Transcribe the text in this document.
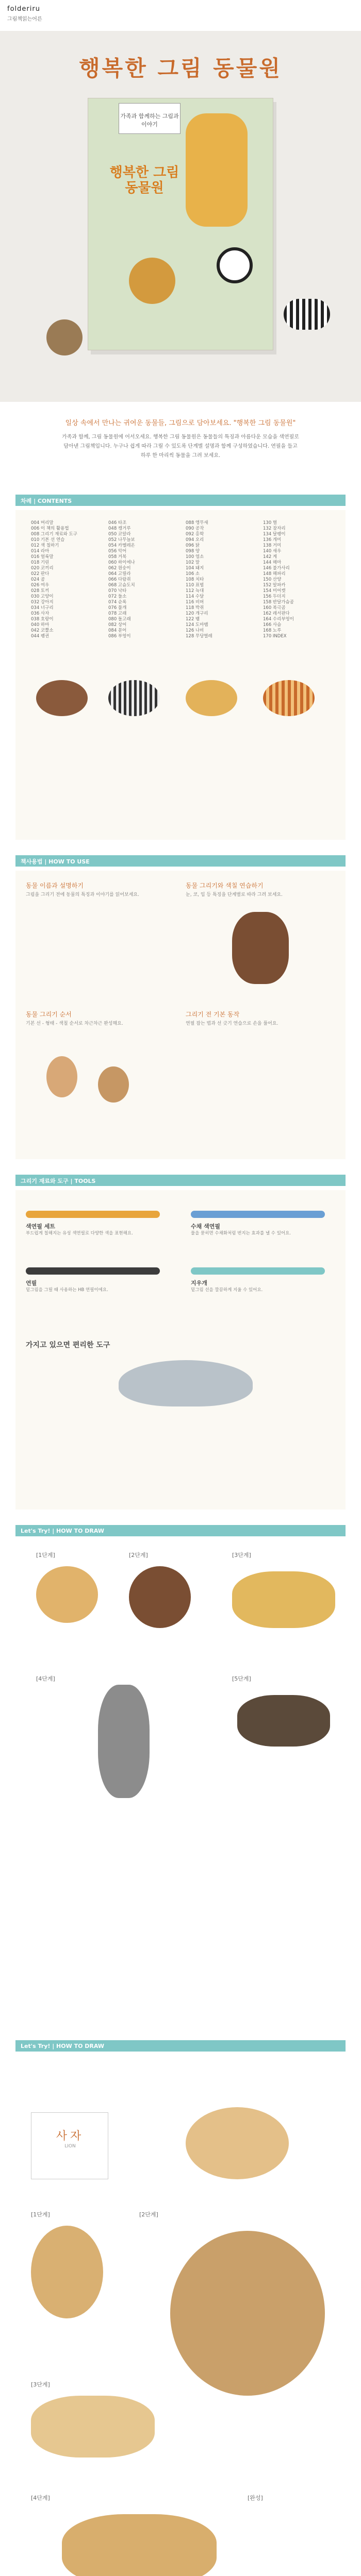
folderiru
그림책읽는어른
행복한 그림 동물원
가족과 함께하는 그림과 이야기
행복한 그림 동물원
일상 속에서 만나는 귀여운 동물들, 그림으로 담아보세요. "행복한 그림 동물원"
가족과 함께, 그림 동물원에 어서오세요. 행복한 그림 동물원은 동물들의 특징과 아름다운 모습을 색연필로 담아낸 그림책입니다. 누구나 쉽게 따라 그릴 수 있도록 단계별 설명과 함께 구성하였습니다. 연필을 들고 하루 한 마리씩 동물을 그려 보세요.
차례 | CONTENTS
004 머리말
006 이 책의 활용법
008 그리기 재료와 도구
010 기본 선 연습
012 색 칠하기
014 라마
016 얼룩말
018 기린
020 코끼리
022 판다
024 곰
026 여우
028 토끼
030 고양이
032 강아지
034 너구리
036 사자
038 호랑이
040 하마
042 코뿔소
044 펭귄
046 타조
048 캥거루
050 코알라
052 나무늘보
054 카멜레온
056 악어
058 거북
060 하이에나
062 원숭이
064 고릴라
066 다람쥐
068 고슴도치
070 낙타
072 들소
074 순록
076 물개
078 고래
080 돌고래
082 상어
084 문어
086 부엉이
088 앵무새
090 공작
092 홍학
094 오리
096 닭
098 양
100 염소
102 말
104 돼지
106 소
108 치타
110 표범
112 늑대
114 수달
116 비버
118 박쥐
120 개구리
122 뱀
124 도마뱀
126 나비
128 무당벌레
130 벌
132 잠자리
134 달팽이
136 개미
138 거미
140 새우
142 게
144 해마
146 불가사리
148 해파리
150 산양
152 알파카
154 미어캣
156 두더지
158 반달가슴곰
160 북극곰
162 레서판다
164 수리부엉이
166 사슴
168 노루
170 INDEX
책사용법 | HOW TO USE
동물 이름과 설명하기
그림을 그리기 전에 동물의 특징과 이야기를 읽어보세요.
동물 그리기와 색칠 연습하기
눈, 코, 입 등 특징을 단계별로 따라 그려 보세요.
동물 그리기 순서
기본 선 - 형태 - 색칠 순서로 차근차근 완성해요.
그리기 전 기본 동작
연필 잡는 법과 선 긋기 연습으로 손을 풀어요.
그리기 재료와 도구 | TOOLS
색연필 세트
부드럽게 칠해지는 유성 색연필로 다양한 색을 표현해요.
수채 색연필
물을 묻히면 수채화처럼 번지는 효과를 낼 수 있어요.
연필
밑그림을 그릴 때 사용하는 HB 연필이에요.
지우개
밑그림 선을 깔끔하게 지울 수 있어요.
가지고 있으면 편리한 도구
Let's Try! | HOW TO DRAW
[1단계]	[2단계]	[3단계]
[4단계]	[5단계]
Let's Try! | HOW TO DRAW
사자
LION
[1단계]	[2단계]
[3단계]
[4단계]	[완성]
